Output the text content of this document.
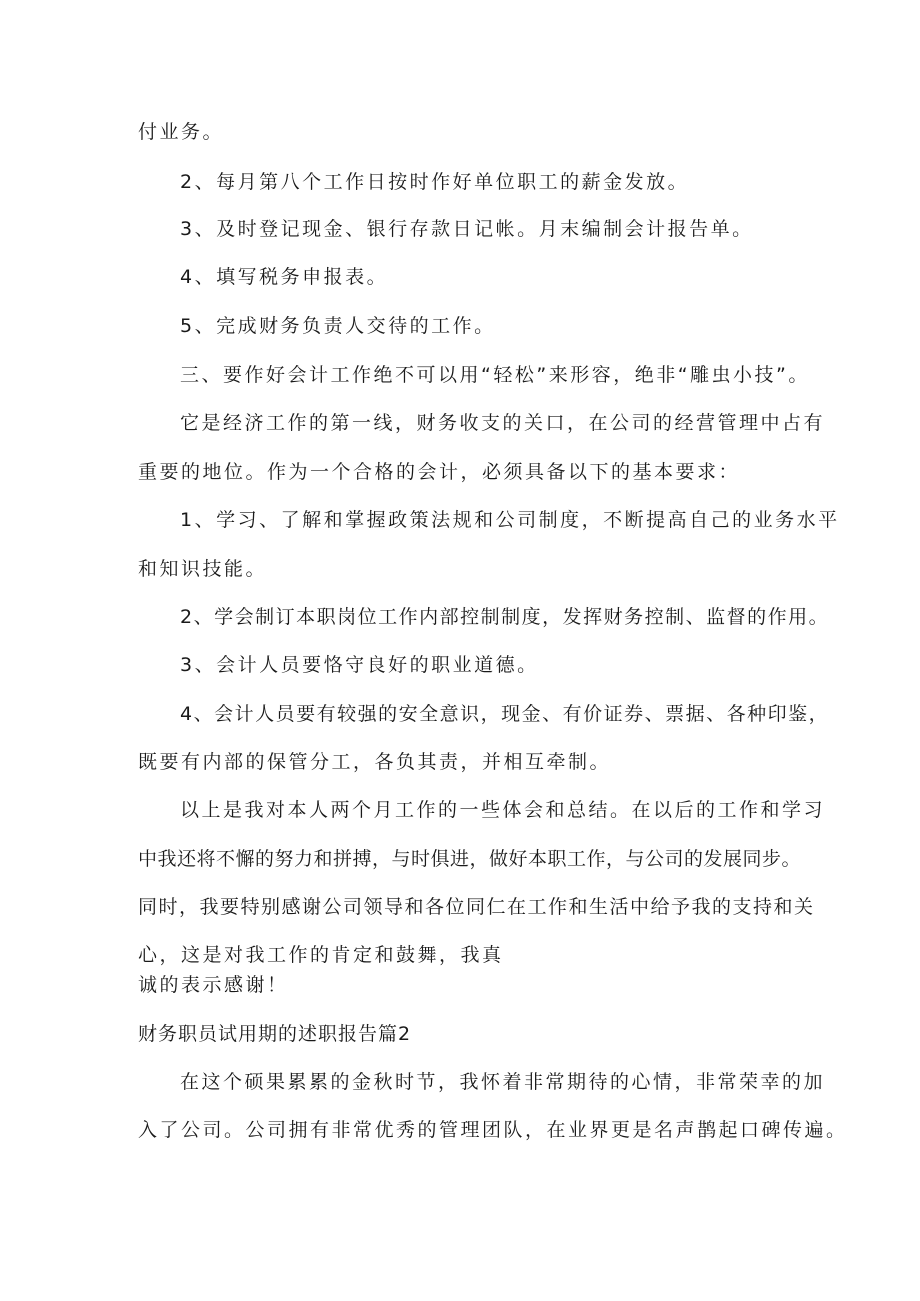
付业务。
2、每月第八个工作日按时作好单位职工的薪金发放。
3、及时登记现金、银行存款日记帐。月末编制会计报告单。
4、填写税务申报表。
5、完成财务负责人交待的工作。
三、要作好会计工作绝不可以用“轻松”来形容，绝非“雕虫小技”。
它是经济工作的第一线，财务收支的关口，在公司的经营管理中占有
重要的地位。作为一个合格的会计，必须具备以下的基本要求：
1、学习、了解和掌握政策法规和公司制度，不断提高自己的业务水平
和知识技能。
2、学会制订本职岗位工作内部控制制度，发挥财务控制、监督的作用。
3、会计人员要恪守良好的职业道德。
4、会计人员要有较强的安全意识，现金、有价证券、票据、各种印鉴，
既要有内部的保管分工，各负其责，并相互牵制。
以上是我对本人两个月工作的一些体会和总结。在以后的工作和学习
中我还将不懈的努力和拼搏，与时俱进，做好本职工作，与公司的发展同步。
同时，我要特别感谢公司领导和各位同仁在工作和生活中给予我的支持和关
心，这是对我工作的肯定和鼓舞，我真
诚的表示感谢！
财务职员试用期的述职报告篇2
在这个硕果累累的金秋时节，我怀着非常期待的心情，非常荣幸的加
入了公司。公司拥有非常优秀的管理团队，在业界更是名声鹊起口碑传遍。
